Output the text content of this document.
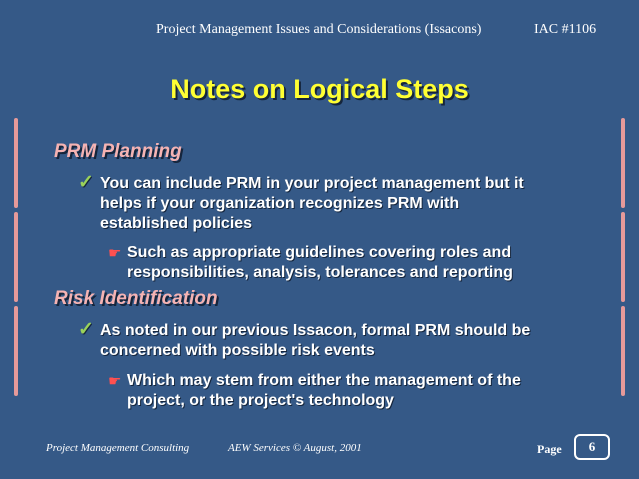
Project Management Issues and Considerations (Issacons)	IAC #1106
Notes on Logical Steps
PRM Planning
✓ You can include PRM in your project management but it
helps if your organization recognizes PRM with
established policies
☛ Such as appropriate guidelines covering roles and
responsibilities, analysis, tolerances and reporting
Risk Identification
✓ As noted in our previous Issacon, formal PRM should be
concerned with possible risk events
☛ Which may stem from either the management of the
project, or the project's technology
Project Management Consulting	AEW Services © August, 2001	Page	6
